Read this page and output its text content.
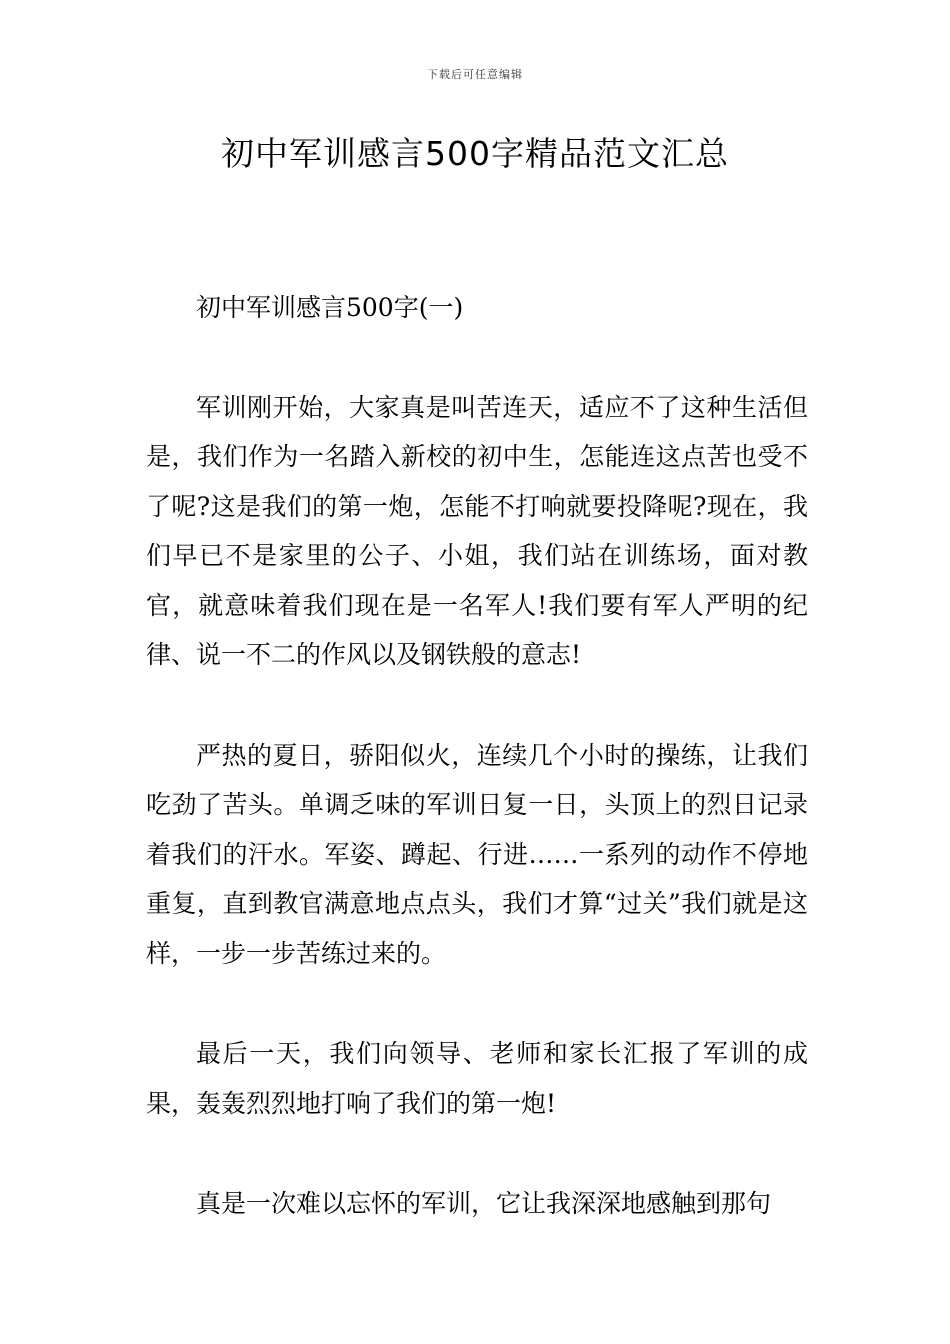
下载后可任意编辑
初中军训感言500字精品范文汇总

初中军训感言500字(一)

军训刚开始，大家真是叫苦连天，适应不了这种生活但是，我们作为一名踏入新校的初中生，怎能连这点苦也受不了呢?这是我们的第一炮，怎能不打响就要投降呢?现在，我们早已不是家里的公子、小姐，我们站在训练场，面对教官，就意味着我们现在是一名军人!我们要有军人严明的纪律、说一不二的作风以及钢铁般的意志!

严热的夏日，骄阳似火，连续几个小时的操练，让我们吃劲了苦头。单调乏味的军训日复一日，头顶上的烈日记录着我们的汗水。军姿、蹲起、行进……一系列的动作不停地重复，直到教官满意地点点头，我们才算“过关”我们就是这样，一步一步苦练过来的。

最后一天，我们向领导、老师和家长汇报了军训的成果，轰轰烈烈地打响了我们的第一炮!

真是一次难以忘怀的军训，它让我深深地感触到那句
